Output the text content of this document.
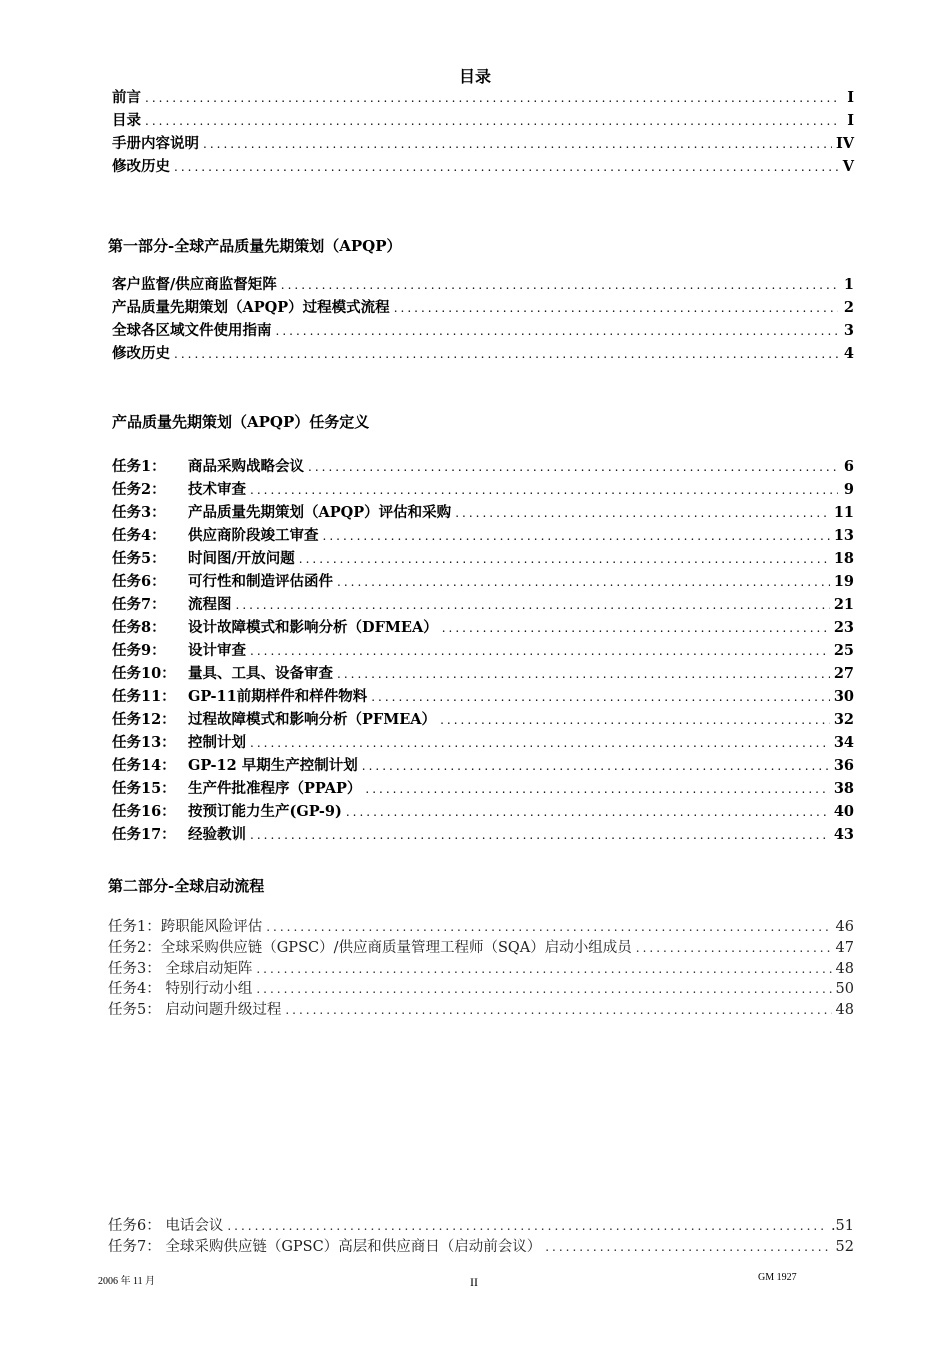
目录
前言 .....	I
目录 .....	I
手册内容说明 .....	IV
修改历史 .....	V
第一部分-全球产品质量先期策划（APQP）
客户监督/供应商监督矩阵 .....	1
产品质量先期策划（APQP）过程模式流程 .....	2
全球各区域文件使用指南 .....	3
修改历史 .....	4
产品质量先期策划（APQP）任务定义
任务1： 商品采购战略会议 .....	6
任务2： 技术审查 .....	9
任务3： 产品质量先期策划（APQP）评估和采购 .....	11
任务4： 供应商阶段竣工审查 .....	13
任务5： 时间图/开放问题 .....	18
任务6： 可行性和制造评估函件 .....	19
任务7： 流程图 .....	21
任务8： 设计故障模式和影响分析（DFMEA） .....	23
任务9： 设计审查 .....	25
任务10： 量具、工具、设备审查 .....	27
任务11： GP-11前期样件和样件物料 .....	30
任务12： 过程故障模式和影响分析（PFMEA） .....	32
任务13： 控制计划 .....	34
任务14： GP-12 早期生产控制计划 .....	36
任务15： 生产件批准程序（PPAP） .....	38
任务16： 按预订能力生产(GP-9) .....	40
任务17： 经验教训 .....	43
第二部分-全球启动流程
任务1：跨职能风险评估 .....	46
任务2：全球采购供应链（GPSC）/供应商质量管理工程师（SQA）启动小组成员 .....	47
任务3： 全球启动矩阵 .....	48
任务4： 特别行动小组 .....	50
任务5： 启动问题升级过程 .....	48
任务6： 电话会议 .....	.51
任务7： 全球采购供应链（GPSC）高层和供应商日（启动前会议） .....	52
2006 年 11 月	II	GM 1927
